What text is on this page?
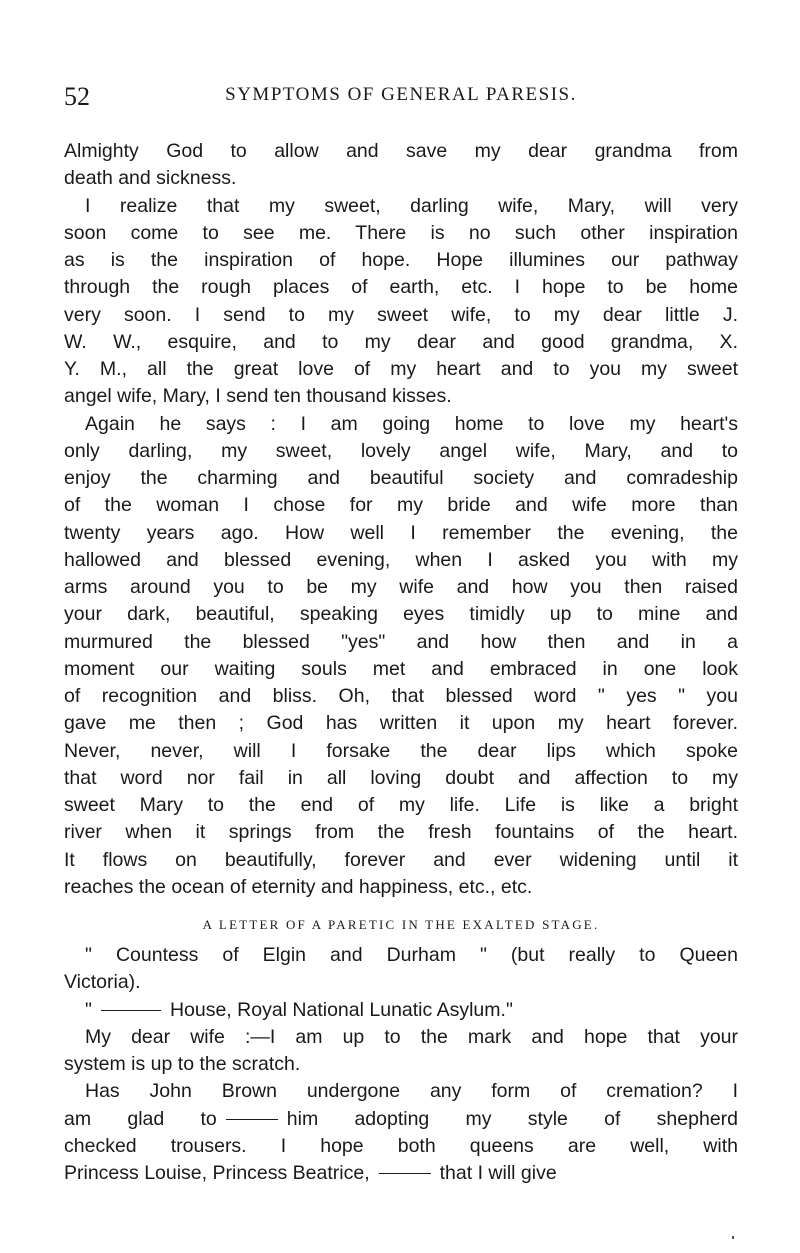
52	SYMPTOMS OF GENERAL PARESIS.
Almighty God to allow and save my dear grandma from
death and sickness.
I realize that my sweet, darling wife, Mary, will very
soon come to see me. There is no such other inspiration
as is the inspiration of hope. Hope illumines our pathway
through the rough places of earth, etc. I hope to be home
very soon. I send to my sweet wife, to my dear little J.
W. W., esquire, and to my dear and good grandma, X.
Y. M., all the great love of my heart and to you my sweet
angel wife, Mary, I send ten thousand kisses.
Again he says : I am going home to love my heart's
only darling, my sweet, lovely angel wife, Mary, and to
enjoy the charming and beautiful society and comradeship
of the woman I chose for my bride and wife more than
twenty years ago. How well I remember the evening, the
hallowed and blessed evening, when I asked you with my
arms around you to be my wife and how you then raised
your dark, beautiful, speaking eyes timidly up to mine and
murmured the blessed "yes" and how then and in a
moment our waiting souls met and embraced in one look
of recognition and bliss. Oh, that blessed word " yes " you
gave me then ; God has written it upon my heart forever.
Never, never, will I forsake the dear lips which spoke
that word nor fail in all loving doubt and affection to my
sweet Mary to the end of my life. Life is like a bright
river when it springs from the fresh fountains of the heart.
It flows on beautifully, forever and ever widening until it
reaches the ocean of eternity and happiness, etc., etc.
A LETTER OF A PARETIC IN THE EXALTED STAGE.
" Countess of Elgin and Durham " (but really to Queen
Victoria).
"	House, Royal National Lunatic Asylum."
My dear wife :—I am up to the mark and hope that your
system is up to the scratch.
Has John Brown undergone any form of cremation? I
am glad to	him adopting my style of shepherd
checked trousers. I hope both queens are well, with
Princess Louise, Princess Beatrice,	that I will give
